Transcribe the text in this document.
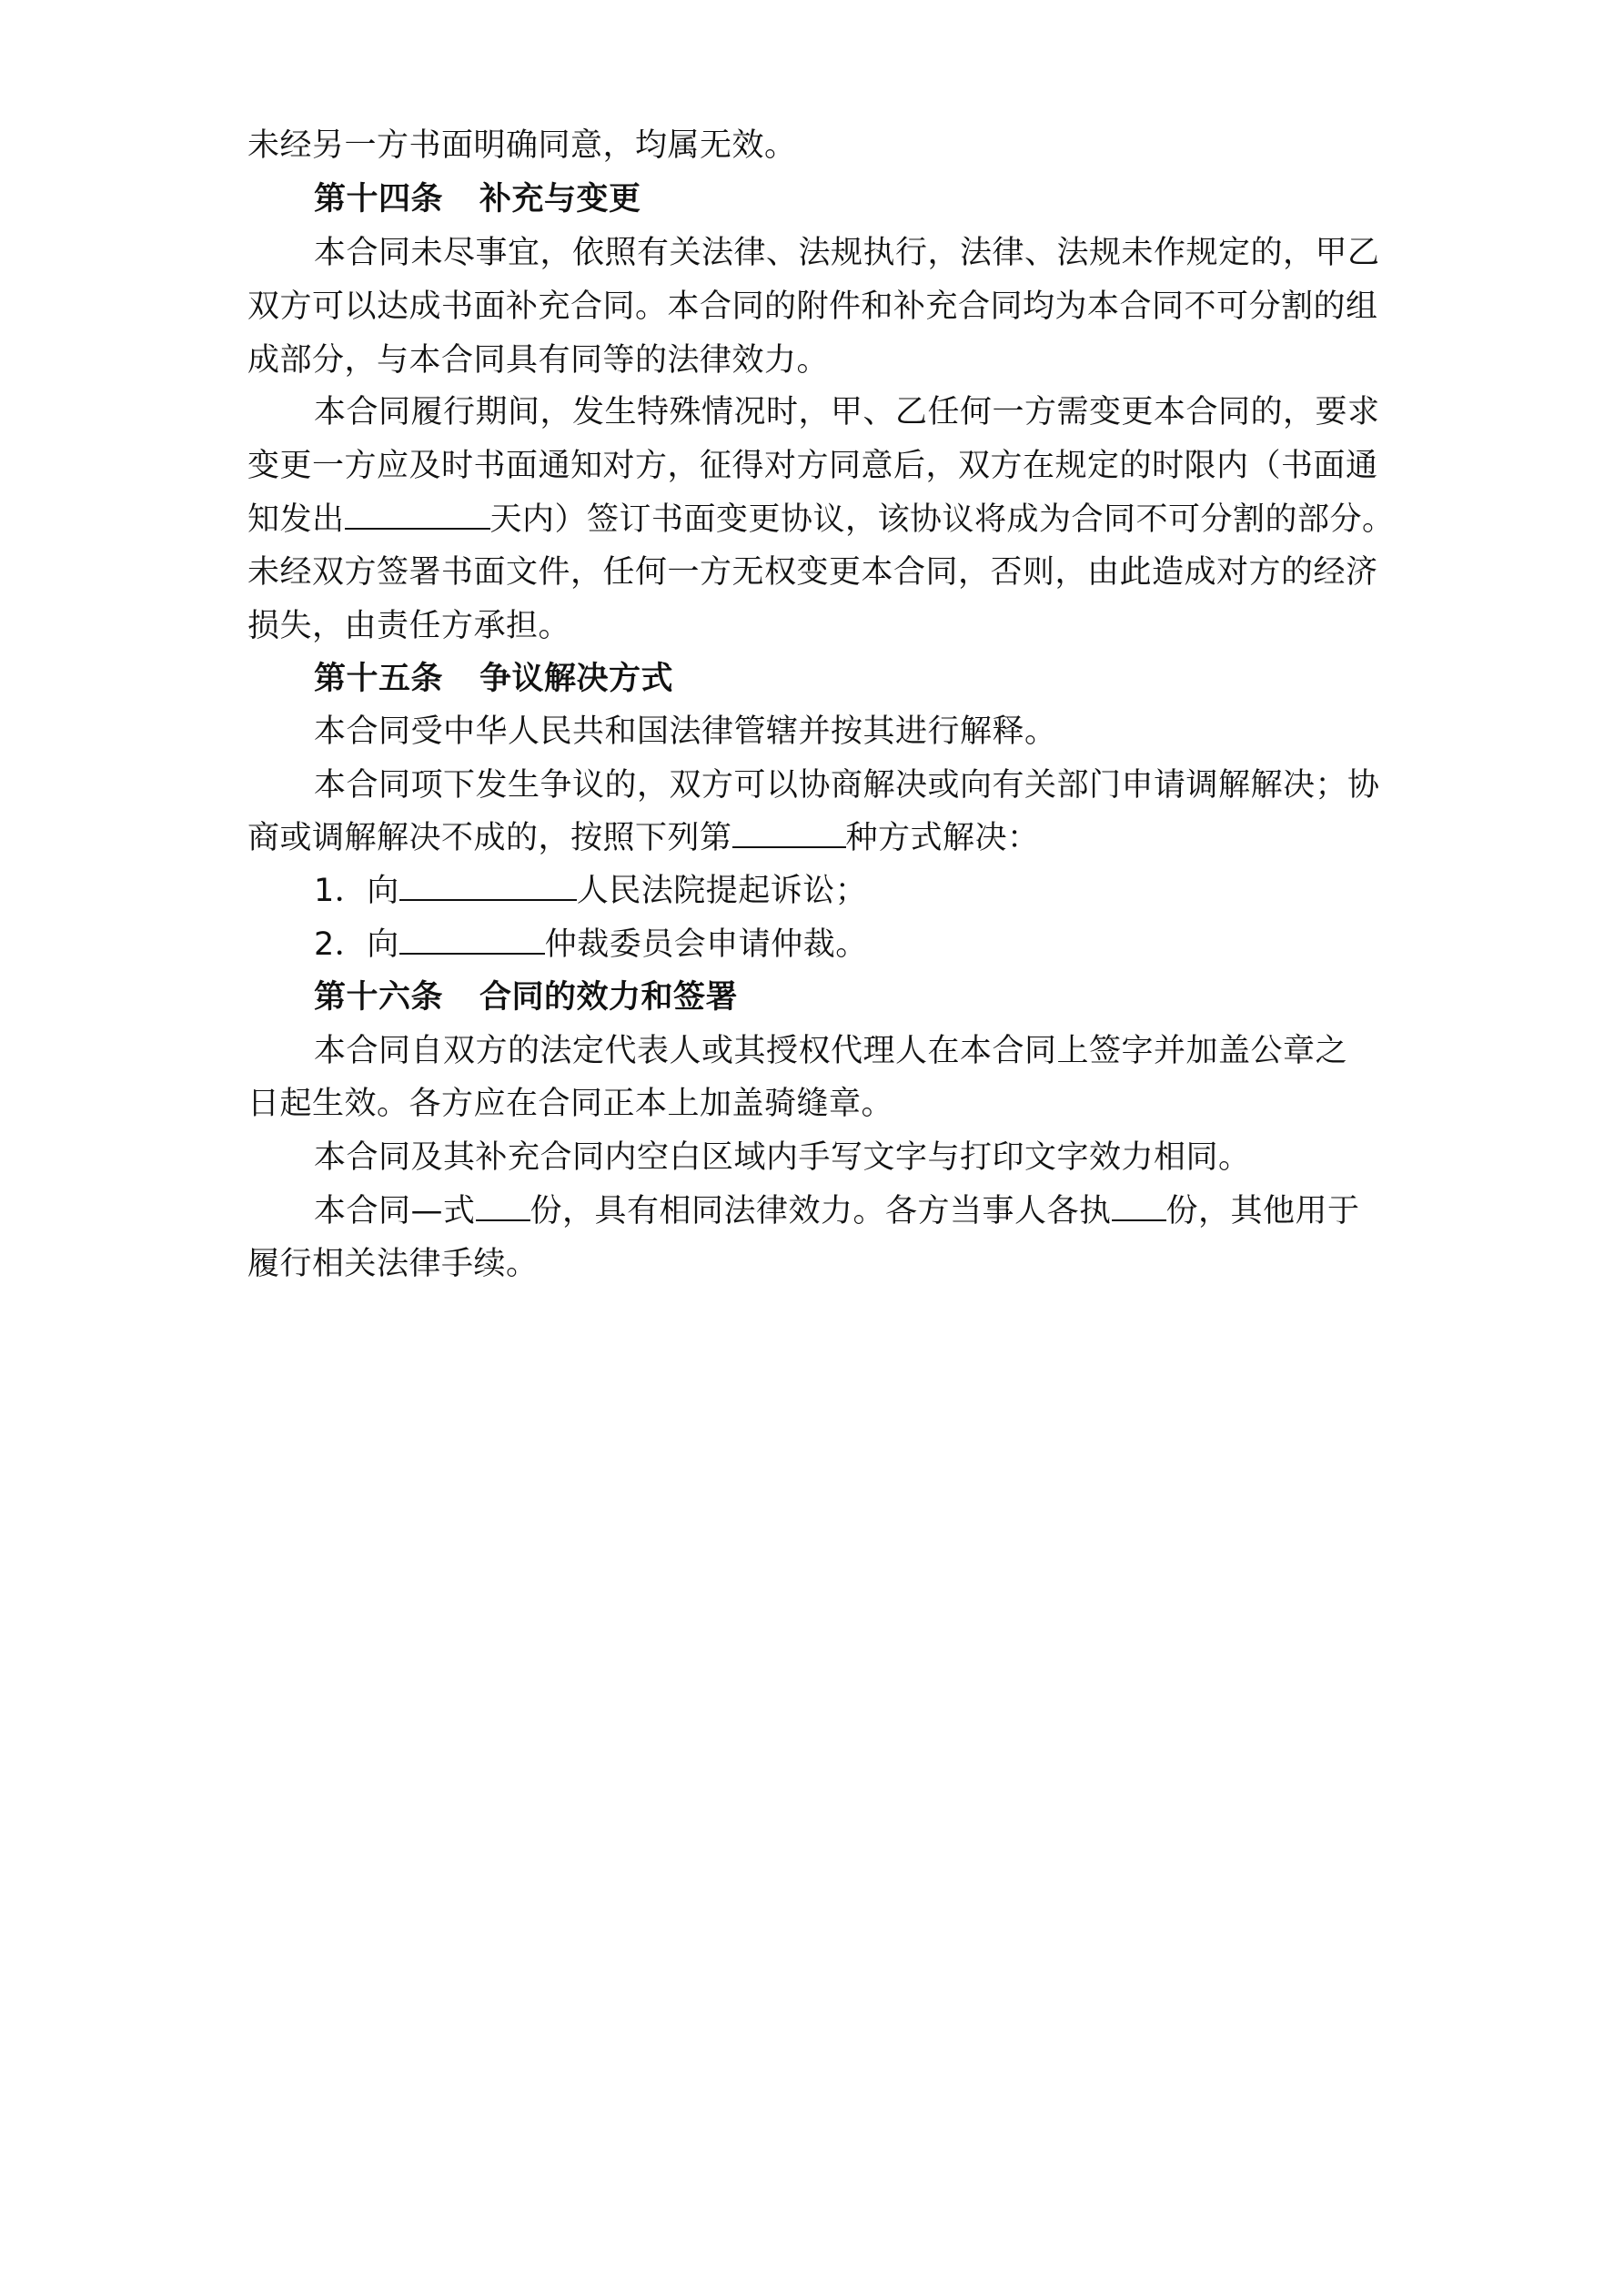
未经另一方书面明确同意，均属无效。
第十四条 补充与变更
本合同未尽事宜，依照有关法律、法规执行，法律、法规未作规定的，甲乙
双方可以达成书面补充合同。本合同的附件和补充合同均为本合同不可分割的组
成部分，与本合同具有同等的法律效力。
本合同履行期间，发生特殊情况时，甲、乙任何一方需变更本合同的，要求
变更一方应及时书面通知对方，征得对方同意后，双方在规定的时限内（书面通
知发出	天内）签订书面变更协议，该协议将成为合同不可分割的部分。
未经双方签署书面文件，任何一方无权变更本合同，否则，由此造成对方的经济
损失，由责任方承担。
第十五条 争议解决方式
本合同受中华人民共和国法律管辖并按其进行解释。
本合同项下发生争议的，双方可以协商解决或向有关部门申请调解解决；协
商或调解解决不成的，按照下列第	种方式解决：
1．向	人民法院提起诉讼；
2．向	仲裁委员会申请仲裁。
第十六条 合同的效力和签署
本合同自双方的法定代表人或其授权代理人在本合同上签字并加盖公章之
日起生效。各方应在合同正本上加盖骑缝章。
本合同及其补充合同内空白区域内手写文字与打印文字效力相同。
本合同—式 份，具有相同法律效力。各方当事人各执 份，其他用于
履行相关法律手续。
